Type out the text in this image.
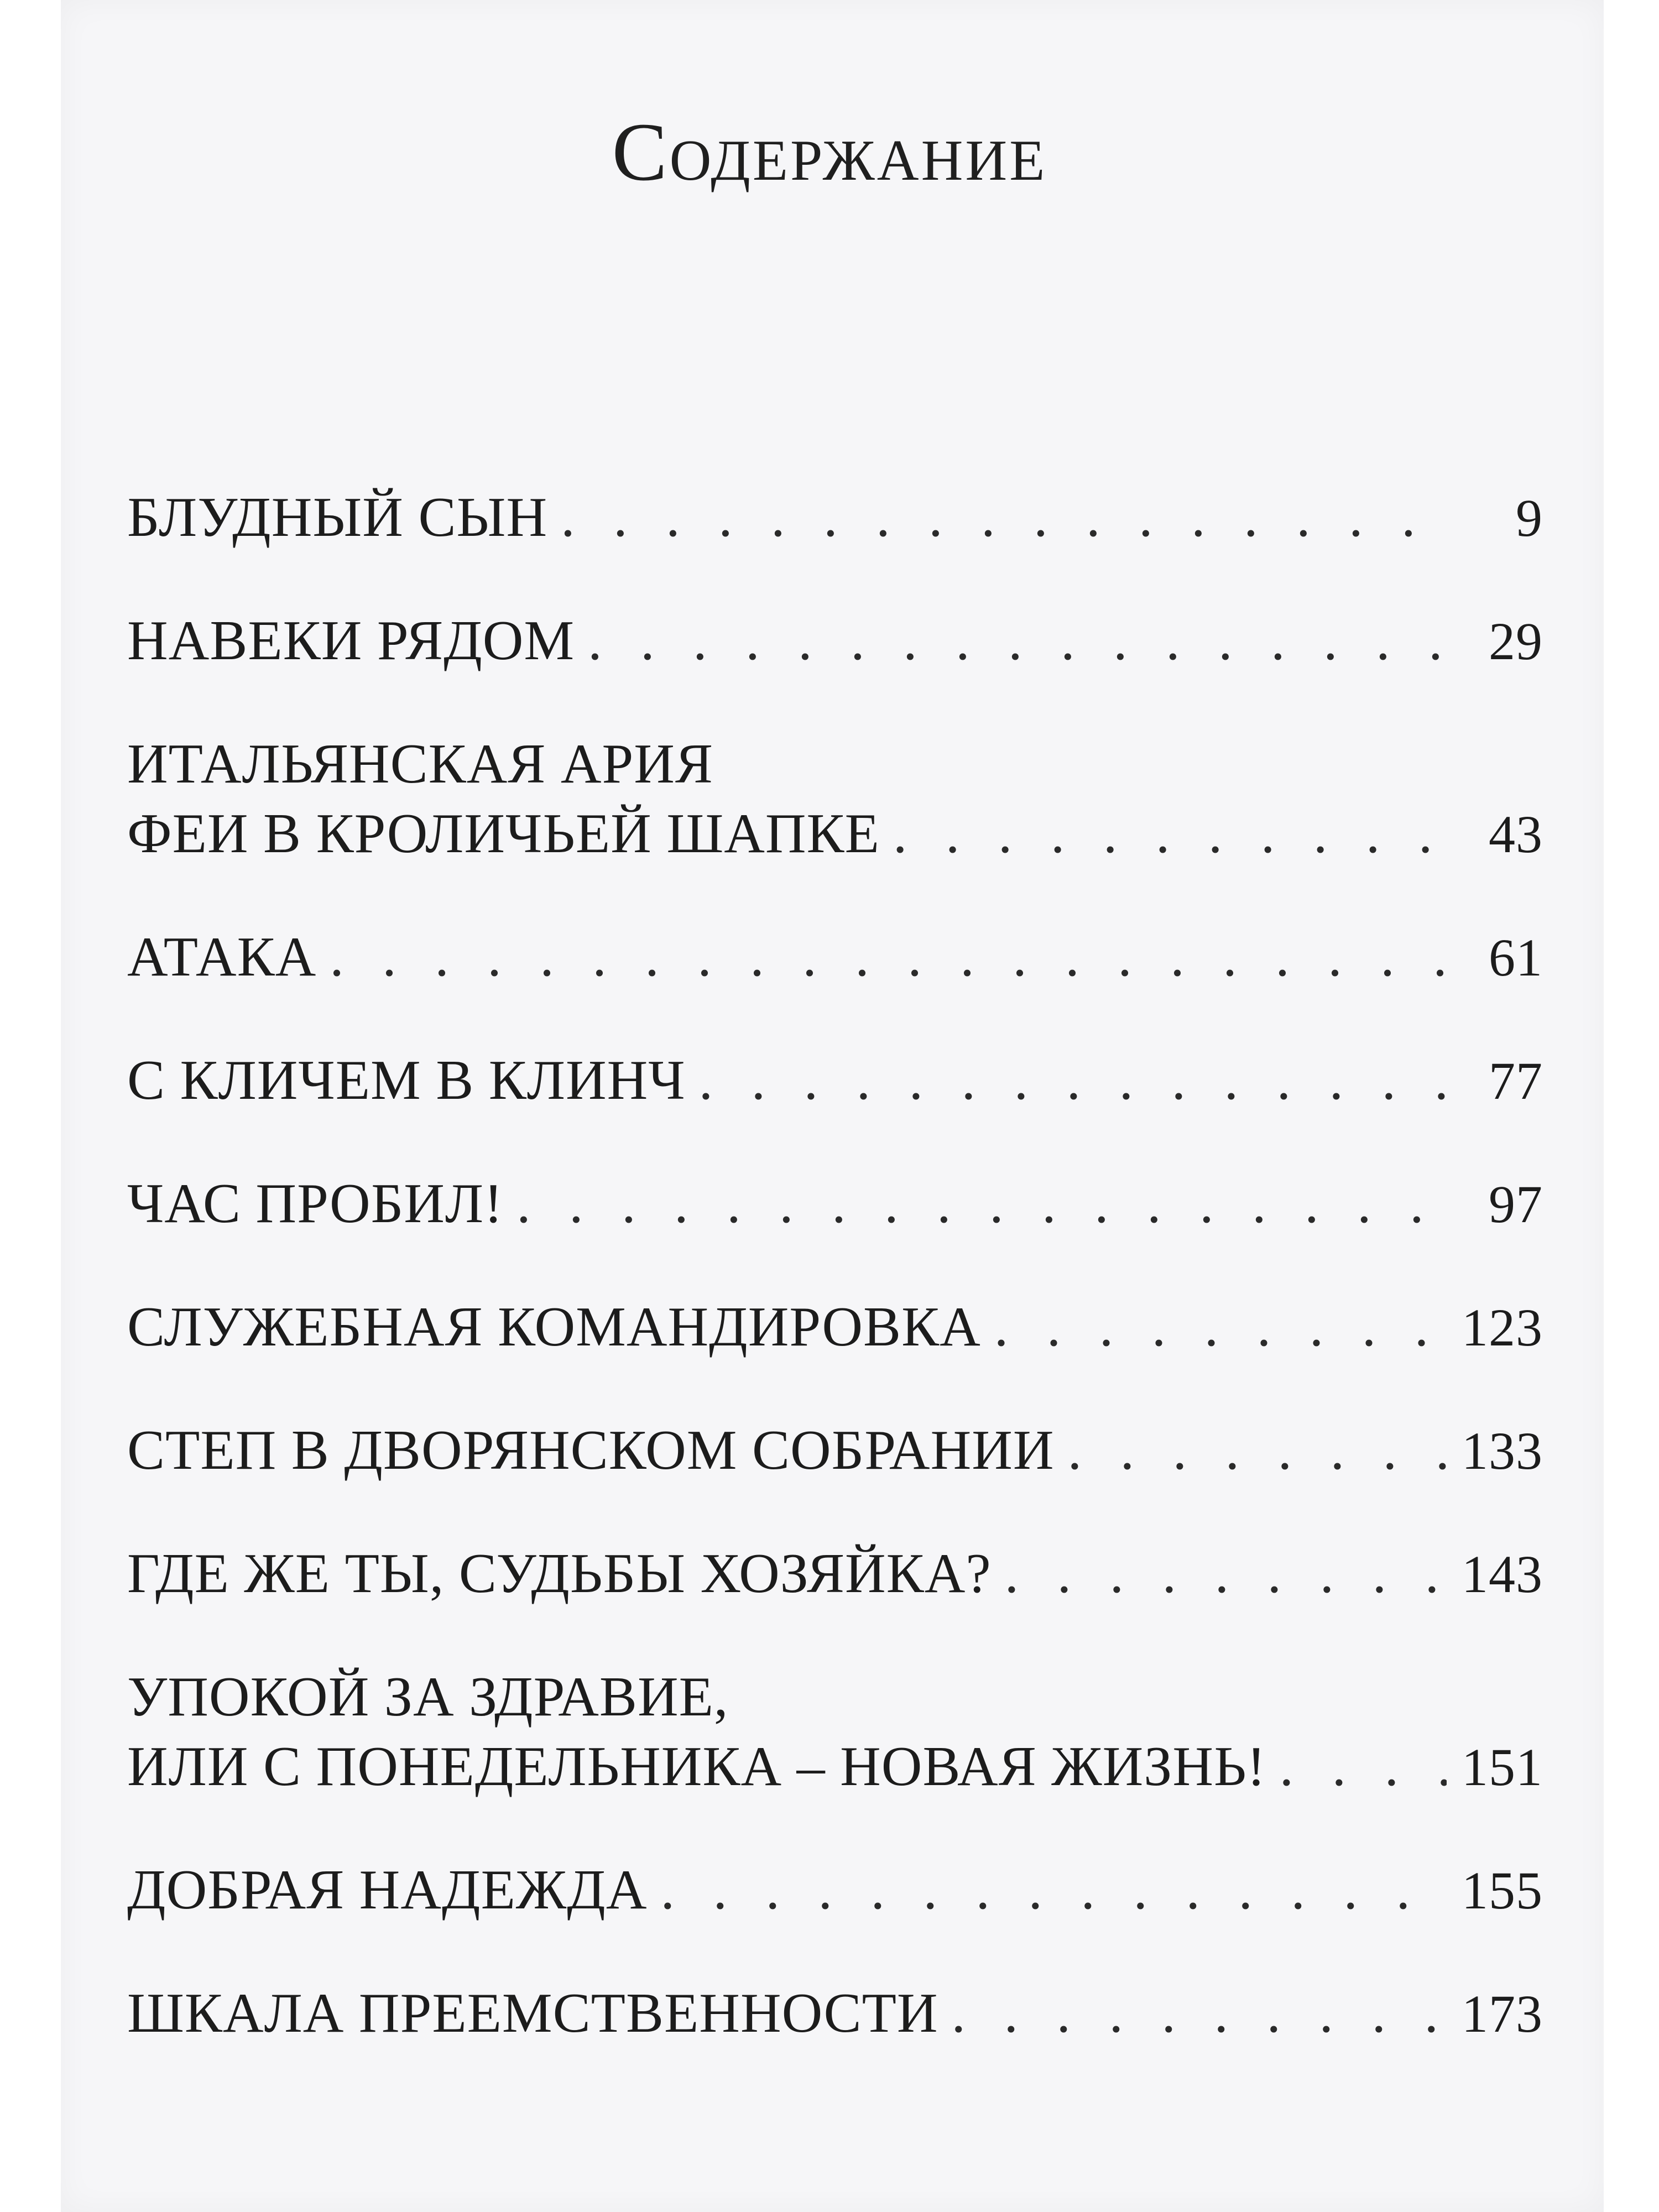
Содержание
БЛУДНЫЙ СЫН . . .	9
НАВЕКИ РЯДОМ . . .	29
ИТАЛЬЯНСКАЯ АРИЯ
ФЕИ В КРОЛИЧЬЕЙ ШАПКЕ . . .	43
АТАКА . . .	61
С КЛИЧЕМ В КЛИНЧ . . .	77
ЧАС ПРОБИЛ! . . .	97
СЛУЖЕБНАЯ КОМАНДИРОВКА . . .	123
СТЕП В ДВОРЯНСКОМ СОБРАНИИ . . .	133
ГДЕ ЖЕ ТЫ, СУДЬБЫ ХОЗЯЙКА? . . .	143
УПОКОЙ ЗА ЗДРАВИЕ,
ИЛИ С ПОНЕДЕЛЬНИКА – НОВАЯ ЖИЗНЬ! . . .	151
ДОБРАЯ НАДЕЖДА . . .	155
ШКАЛА ПРЕЕМСТВЕННОСТИ . . .	173
